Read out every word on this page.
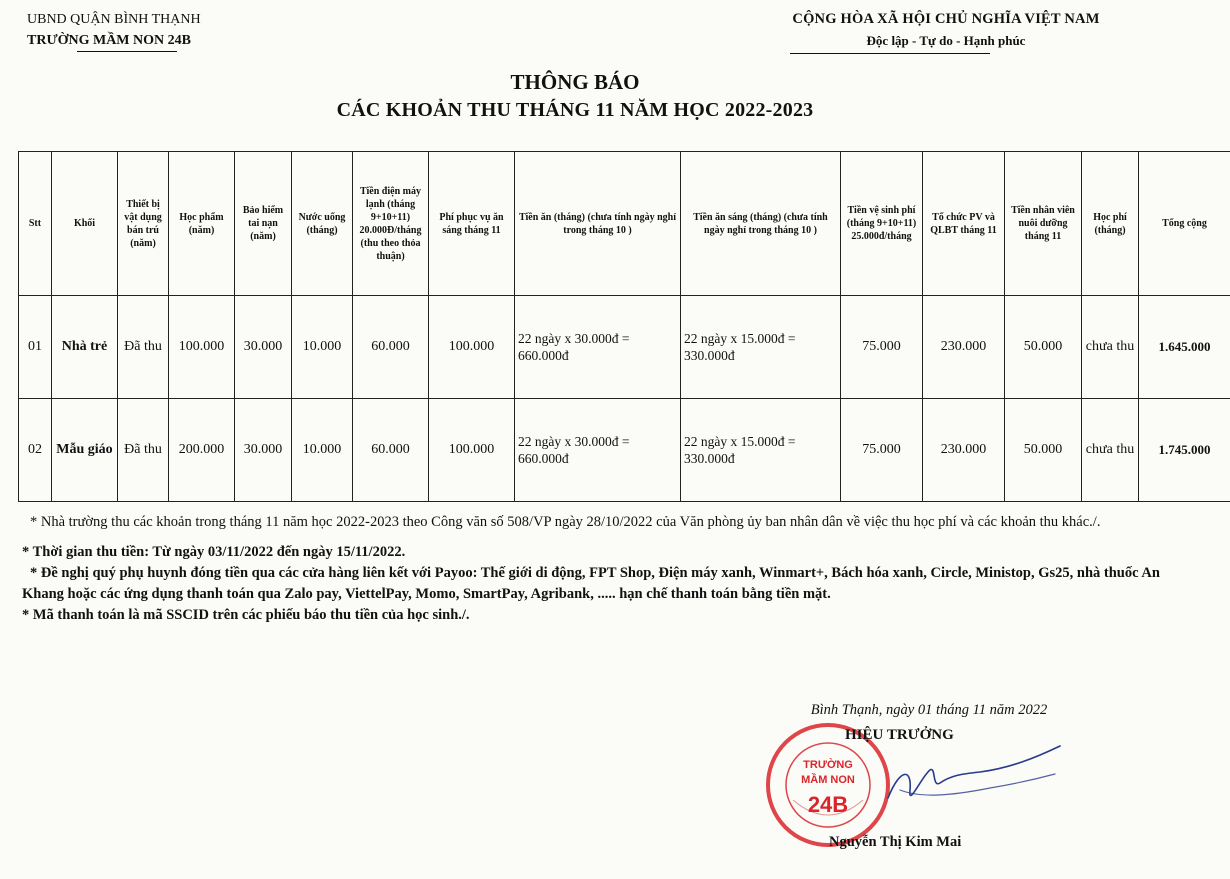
UBND QUẬN BÌNH THẠNH
TRƯỜNG MẦM NON 24B
CỘNG HÒA XÃ HỘI CHỦ NGHĨA VIỆT NAM
Độc lập - Tự do - Hạnh phúc
THÔNG BÁO
CÁC KHOẢN THU THÁNG 11 NĂM HỌC 2022-2023
Stt	Khối	Thiết bị vật dụng bán trú (năm)	Học phẩm (năm)	Bảo hiểm tai nạn (năm)	Nước uống (tháng)	Tiền điện máy lạnh (tháng 9+10+11) 20.000Đ/tháng (thu theo thỏa thuận)	Phí phục vụ ăn sáng tháng 11	Tiền ăn (tháng) (chưa tính ngày nghỉ trong tháng 10 )	Tiền ăn sáng (tháng) (chưa tính ngày nghỉ trong tháng 10 )	Tiền vệ sinh phí (tháng 9+10+11) 25.000đ/tháng	Tổ chức PV và QLBT tháng 11	Tiền nhân viên nuôi dưỡng tháng 11	Học phí (tháng)	Tổng cộng
01	Nhà trẻ	Đã thu	100.000	30.000	10.000	60.000	100.000	22 ngày x 30.000đ = 660.000đ	22 ngày x 15.000đ = 330.000đ	75.000	230.000	50.000	chưa thu	1.645.000
02	Mẫu giáo	Đã thu	200.000	30.000	10.000	60.000	100.000	22 ngày x 30.000đ = 660.000đ	22 ngày x 15.000đ = 330.000đ	75.000	230.000	50.000	chưa thu	1.745.000

* Nhà trường thu các khoản trong tháng 11 năm học 2022-2023 theo Công văn số 508/VP ngày 28/10/2022 của Văn phòng ủy ban nhân dân về việc thu học phí và các khoản thu khác./.

* Thời gian thu tiền: Từ ngày 03/11/2022 đến ngày 15/11/2022.

* Đề nghị quý phụ huynh đóng tiền qua các cửa hàng liên kết với Payoo: Thế giới di động, FPT Shop, Điện máy xanh, Winmart+, Bách hóa xanh, Circle, Ministop, Gs25, nhà thuốc An Khang hoặc các ứng dụng thanh toán qua Zalo pay, ViettelPay, Momo, SmartPay, Agribank, ..... hạn chế thanh toán bằng tiền mặt.

* Mã thanh toán là mã SSCID trên các phiếu báo thu tiền của học sinh./.

Bình Thạnh, ngày 01 tháng 11 năm 2022
TRƯỜNG
MẦM NON
24B
HIỆU TRƯỞNG
Nguyễn Thị Kim Mai
